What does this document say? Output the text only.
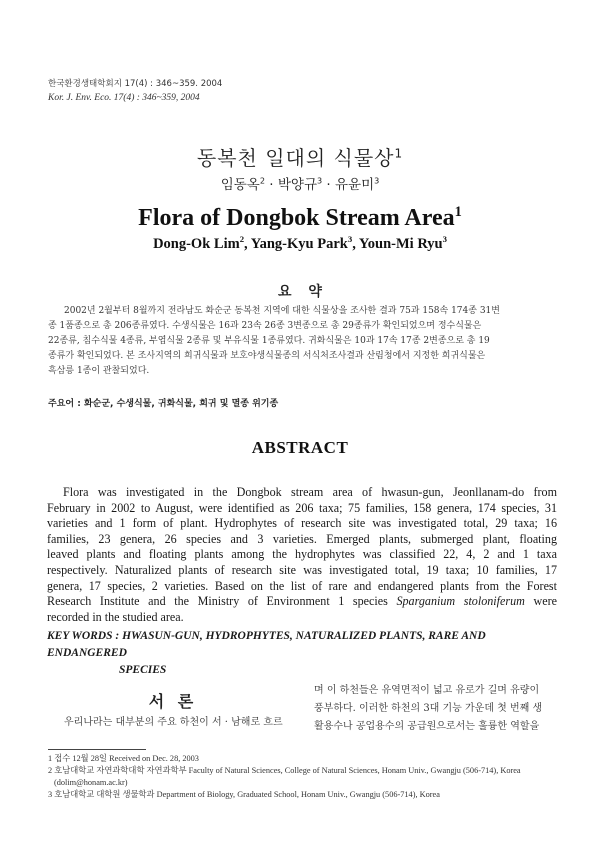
한국환경생태학회지 17(4) : 346~359. 2004
Kor. J. Env. Eco. 17(4) : 346~359, 2004
동복천 일대의 식물상$^1$
임동옥$^2$ · 박양규$^3$ · 유윤미$^3$
Flora of Dongbok Stream Area$^1$
Dong-Ok Lim$^2$, Yang-Kyu Park$^3$, Youn-Mi Ryu$^3$
요 약
2002년 2월부터 8월까지 전라남도 화순군 동복천 지역에 대한 식물상을 조사한 결과 75과 158속 174종 31변
종 1품종으로 총 206종류였다. 수생식물은 16과 23속 26종 3변종으로 총 29종류가 확인되었으며 정수식물은
22종류, 침수식물 4종류, 부엽식물 2종류 및 부유식물 1종류였다. 귀화식물은 10과 17속 17종 2변종으로 총 19
종류가 확인되었다. 본 조사지역의 희귀식물과 보호야생식물종의 서식처조사결과 산림청에서 지정한 희귀식물은
흑삼릉 1종이 관찰되었다.
주요어 : 화순군, 수생식물, 귀화식물, 희귀 및 멸종 위기종
ABSTRACT
Flora was investigated in the Dongbok stream area of hwasun-gun, Jeonllanam-do from
February in 2002 to August, were identified as 206 taxa; 75 families, 158 genera, 174 species, 31
varieties and 1 form of plant. Hydrophytes of research site was investigated total, 29 taxa; 16
families, 23 genera, 26 species and 3 varieties. Emerged plants, submerged plant, floating
leaved plants and floating plants among the hydrophytes was classified 22, 4, 2 and 1 taxa
respectively. Naturalized plants of research site was investigated total, 19 taxa; 10 families, 17
genera, 17 species, 2 varieties. Based on the list of rare and endangered plants from the Forest
Research Institute and the Ministry of Environment 1 species Sparganium stoloniferum were
recorded in the studied area.
KEY WORDS : HWASUN-GUN, HYDROPHYTES, NATURALIZED PLANTS, RARE AND ENDANGERED
SPECIES
서 론
우리나라는 대부분의 주요 하천이 서 · 남해로 흐르
며 이 하천들은 유역면적이 넓고 유로가 길며 유량이
풍부하다. 이러한 하천의 3대 기능 가운데 첫 번째 생
활용수나 공업용수의 공급원으로서는 훌륭한 역할을
1 접수 12월 28일 Received on Dec. 28, 2003
2 호남대학교 자연과학대학 자연과학부 Faculty of Natural Sciences, College of Natural Sciences, Honam Univ., Gwangju (506-714), Korea
(dolim@honam.ac.kr)
3 호남대학교 대학원 생물학과 Department of Biology, Graduated School, Honam Univ., Gwangju (506-714), Korea
